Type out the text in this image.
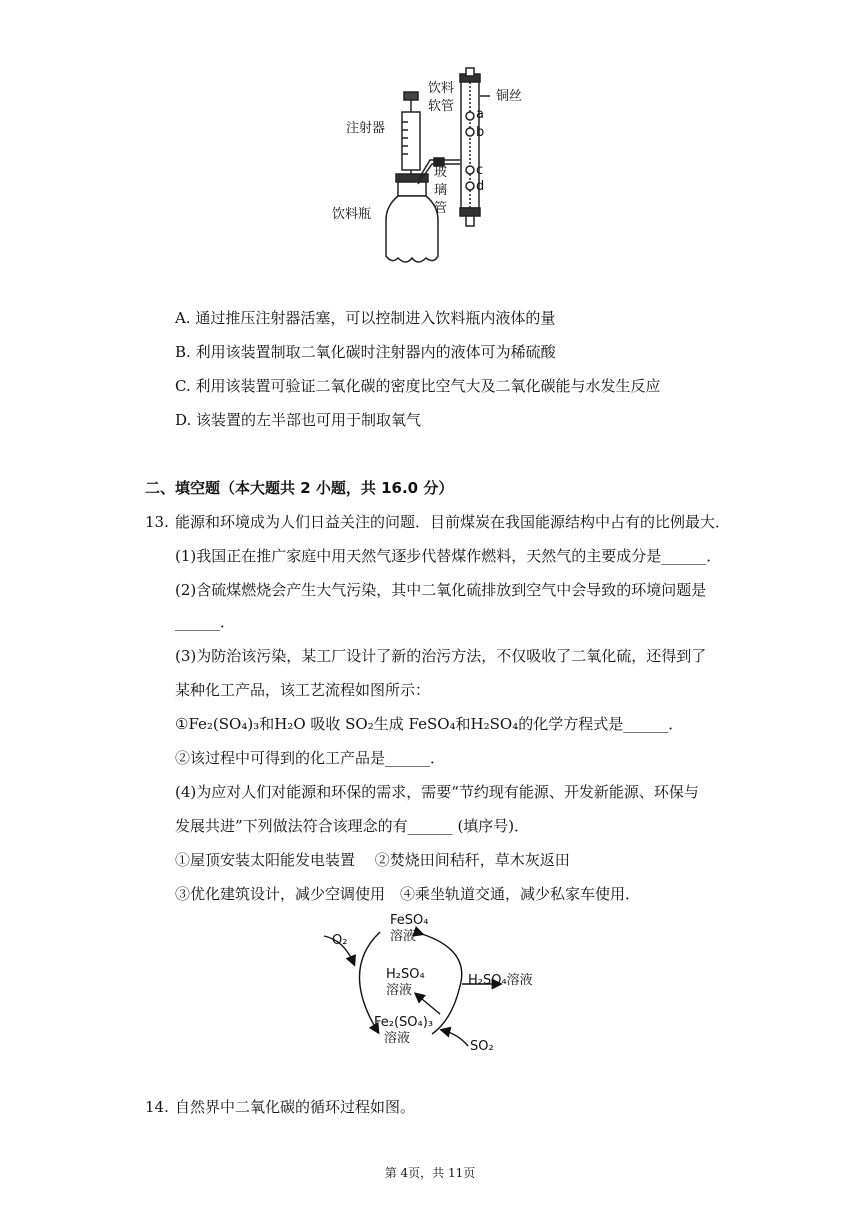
注射器
饮料
软管
饮料瓶
玻
璃
管
铜丝
a
b
c
d
A. 通过推压注射器活塞，可以控制进入饮料瓶内液体的量
B. 利用该装置制取二氧化碳时注射器内的液体可为稀硫酸
C. 利用该装置可验证二氧化碳的密度比空气大及二氧化碳能与水发生反应
D. 该装置的左半部也可用于制取氧气
二、填空题（本大题共 2 小题，共 16.0 分）
13. 能源和环境成为人们日益关注的问题．目前煤炭在我国能源结构中占有的比例最大．
(1)我国正在推广家庭中用天然气逐步代替煤作燃料，天然气的主要成分是______．
(2)含硫煤燃烧会产生大气污染，其中二氧化硫排放到空气中会导致的环境问题是
______．
(3)为防治该污染，某工厂设计了新的治污方法，不仅吸收了二氧化硫，还得到了
某种化工产品，该工艺流程如图所示：
①Fe₂(SO₄)₃和H₂O 吸收 SO₂生成 FeSO₄和H₂SO₄的化学方程式是______．
②该过程中可得到的化工产品是______．
(4)为应对人们对能源和环保的需求，需要“节约现有能源、开发新能源、环保与
发展共进”下列做法符合该理念的有______ (填序号)．
①屋顶安装太阳能发电装置　 ②焚烧田间秸秆，草木灰返田
③优化建筑设计，减少空调使用　④乘坐轨道交通，减少私家车使用．
FeSO₄
溶液
O₂
H₂SO₄
溶液
H₂SO₄溶液
Fe₂(SO₄)₃
溶液
SO₂
14. 自然界中二氧化碳的循环过程如图。
第 4页，共 11页
